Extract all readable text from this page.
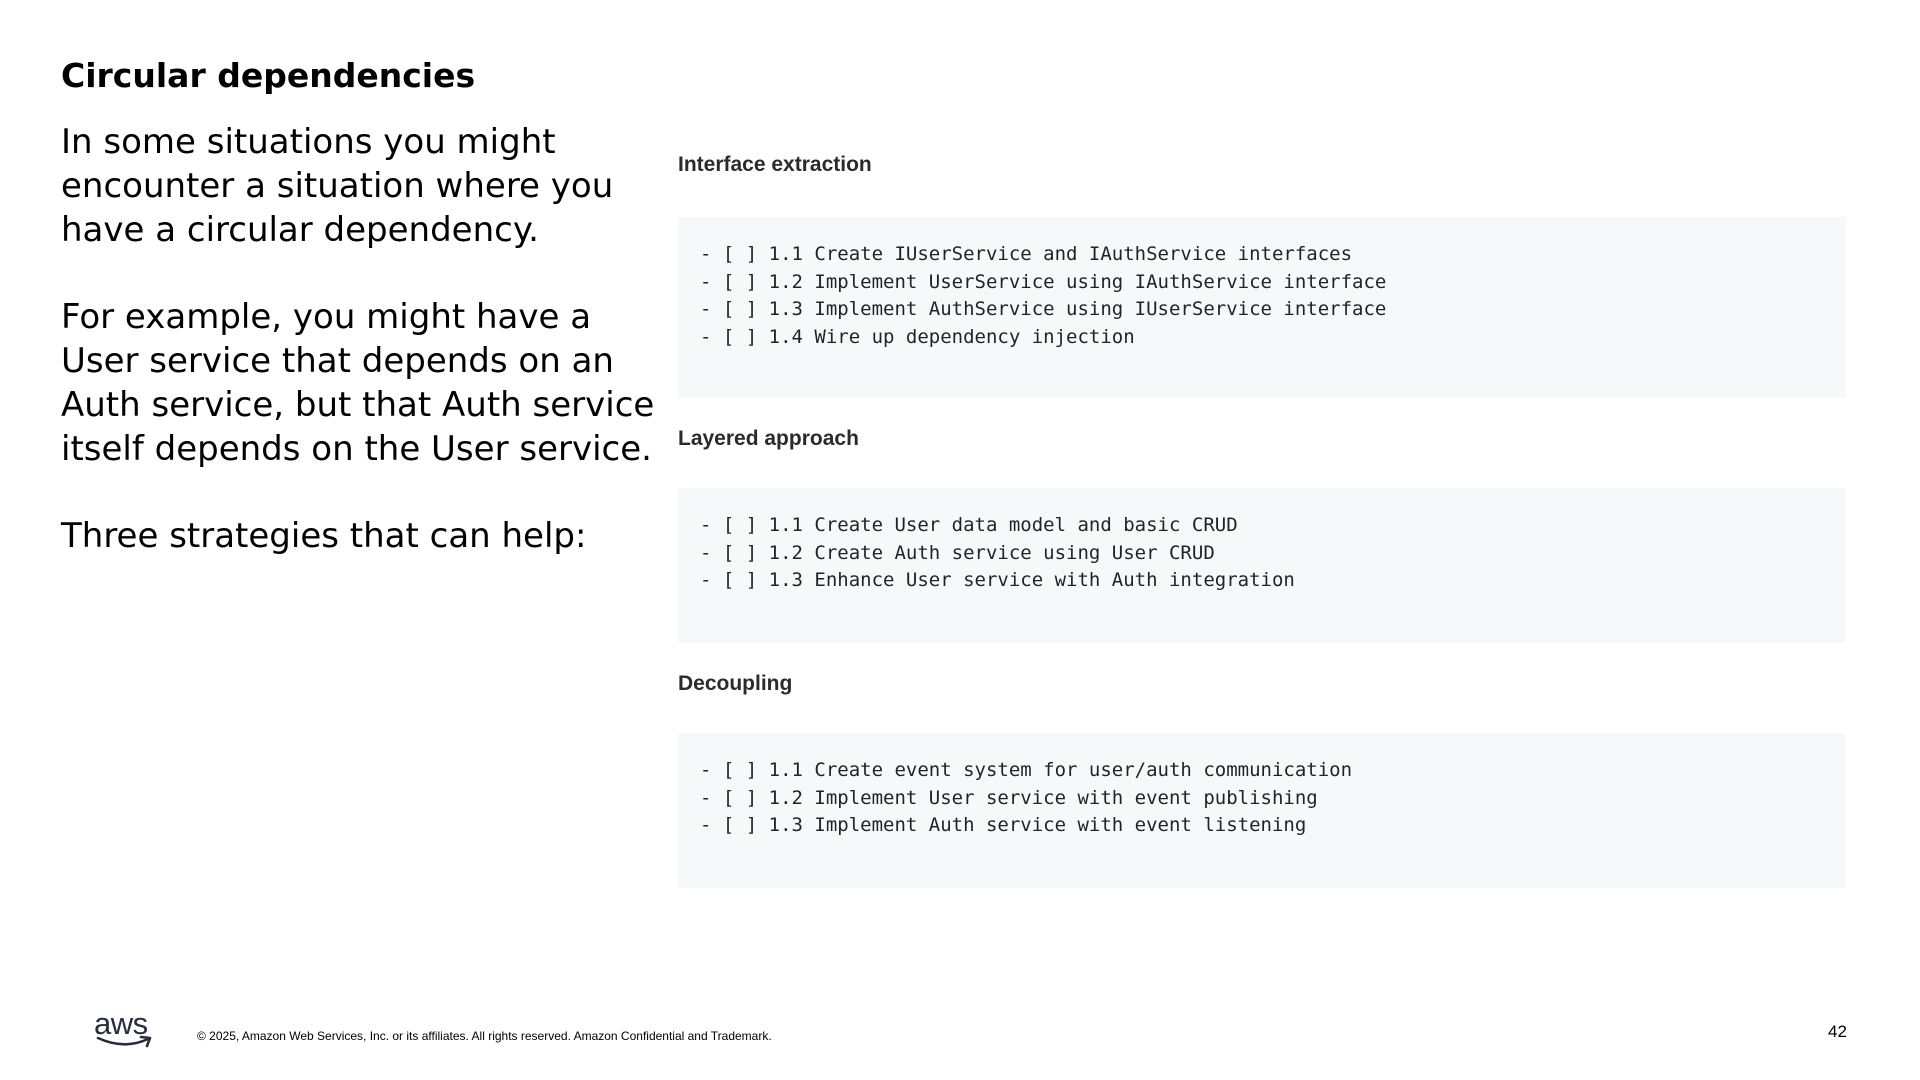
Circular dependencies

In some situations you might encounter a situation where you have a circular dependency.

For example, you might have a User service that depends on an Auth service, but that Auth service itself depends on the User service.

Three strategies that can help:

Interface extraction
- [ ] 1.1 Create IUserService and IAuthService interfaces
- [ ] 1.2 Implement UserService using IAuthService interface
- [ ] 1.3 Implement AuthService using IUserService interface
- [ ] 1.4 Wire up dependency injection
Layered approach
- [ ] 1.1 Create User data model and basic CRUD
- [ ] 1.2 Create Auth service using User CRUD
- [ ] 1.3 Enhance User service with Auth integration
Decoupling
- [ ] 1.1 Create event system for user/auth communication
- [ ] 1.2 Implement User service with event publishing
- [ ] 1.3 Implement Auth service with event listening
aws	© 2025, Amazon Web Services, Inc. or its affiliates. All rights reserved. Amazon Confidential and Trademark.	42
